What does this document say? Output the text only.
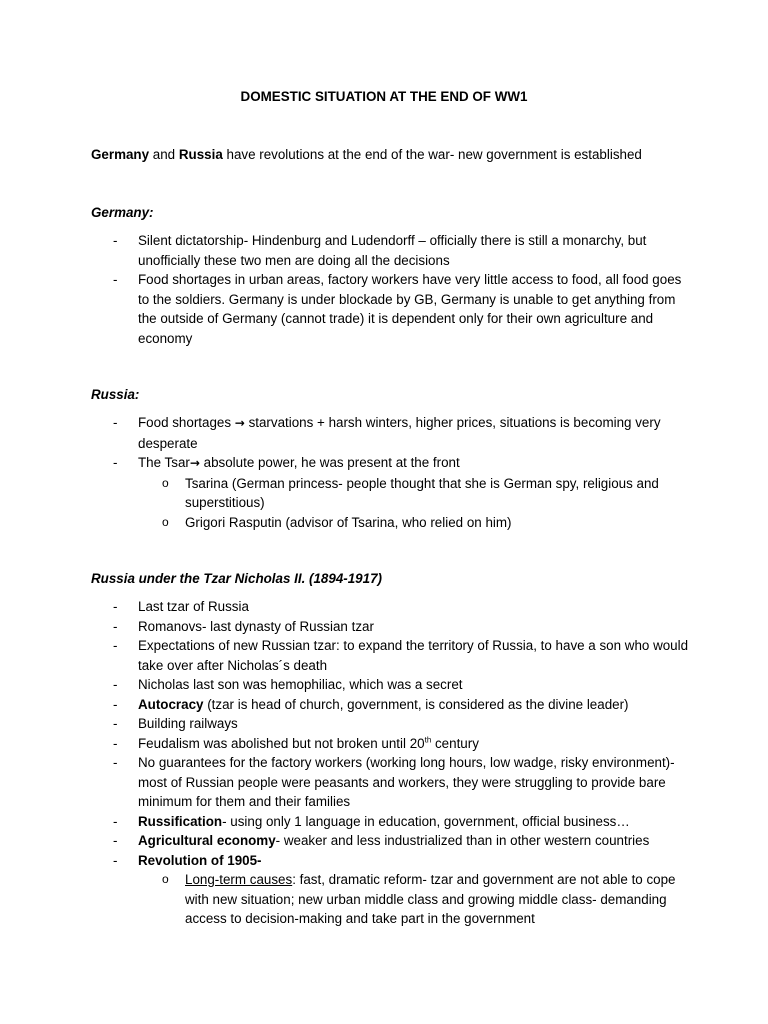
DOMESTIC SITUATION AT THE END OF WW1
Germany and Russia have revolutions at the end of the war- new government is established
Germany:
- Silent dictatorship- Hindenburg and Ludendorff – officially there is still a monarchy, but unofficially these two men are doing all the decisions
- Food shortages in urban areas, factory workers have very little access to food, all food goes to the soldiers. Germany is under blockade by GB, Germany is unable to get anything from the outside of Germany (cannot trade) it is dependent only for their own agriculture and economy
Russia:
- Food shortages → starvations + harsh winters, higher prices, situations is becoming very desperate
- The Tsar→ absolute power, he was present at the front
o Tsarina (German princess- people thought that she is German spy, religious and superstitious)
o Grigori Rasputin (advisor of Tsarina, who relied on him)
Russia under the Tzar Nicholas II. (1894-1917)
- Last tzar of Russia
- Romanovs- last dynasty of Russian tzar
- Expectations of new Russian tzar: to expand the territory of Russia, to have a son who would take over after Nicholas´s death
- Nicholas last son was hemophiliac, which was a secret
- Autocracy (tzar is head of church, government, is considered as the divine leader)
- Building railways
- Feudalism was abolished but not broken until 20th century
- No guarantees for the factory workers (working long hours, low wadge, risky environment)- most of Russian people were peasants and workers, they were struggling to provide bare minimum for them and their families
- Russification- using only 1 language in education, government, official business…
- Agricultural economy- weaker and less industrialized than in other western countries
- Revolution of 1905-
o Long-term causes: fast, dramatic reform- tzar and government are not able to cope with new situation; new urban middle class and growing middle class- demanding access to decision-making and take part in the government
